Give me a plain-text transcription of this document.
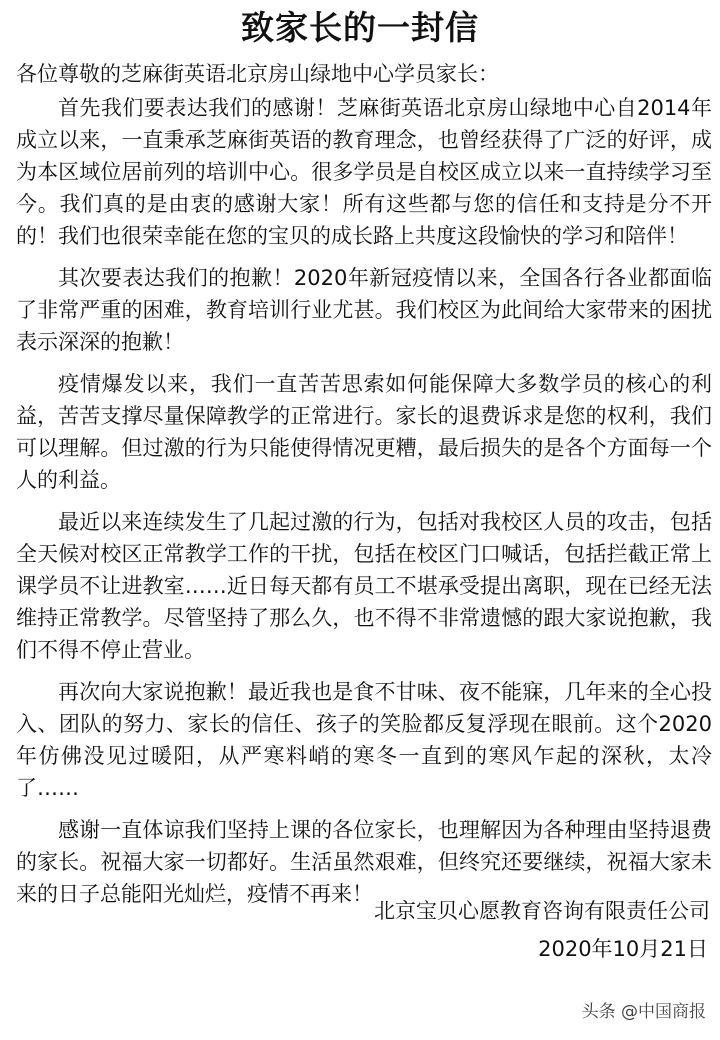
致家长的一封信
各位尊敬的芝麻街英语北京房山绿地中心学员家长：

首先我们要表达我们的感谢！芝麻街英语北京房山绿地中心自2014年成立以来，一直秉承芝麻街英语的教育理念，也曾经获得了广泛的好评，成为本区域位居前列的培训中心。很多学员是自校区成立以来一直持续学习至今。我们真的是由衷的感谢大家！所有这些都与您的信任和支持是分不开的！我们也很荣幸能在您的宝贝的成长路上共度这段愉快的学习和陪伴！

其次要表达我们的抱歉！2020年新冠疫情以来，全国各行各业都面临了非常严重的困难，教育培训行业尤甚。我们校区为此间给大家带来的困扰表示深深的抱歉！

疫情爆发以来，我们一直苦苦思索如何能保障大多数学员的核心的利益，苦苦支撑尽量保障教学的正常进行。家长的退费诉求是您的权利，我们可以理解。但过激的行为只能使得情况更糟，最后损失的是各个方面每一个人的利益。

最近以来连续发生了几起过激的行为，包括对我校区人员的攻击，包括全天候对校区正常教学工作的干扰，包括在校区门口喊话，包括拦截正常上课学员不让进教室……近日每天都有员工不堪承受提出离职，现在已经无法维持正常教学。尽管坚持了那么久，也不得不非常遗憾的跟大家说抱歉，我们不得不停止营业。

再次向大家说抱歉！最近我也是食不甘味、夜不能寐，几年来的全心投入、团队的努力、家长的信任、孩子的笑脸都反复浮现在眼前。这个2020年仿佛没见过暖阳，从严寒料峭的寒冬一直到的寒风乍起的深秋，太冷了……

感谢一直体谅我们坚持上课的各位家长，也理解因为各种理由坚持退费的家长。祝福大家一切都好。生活虽然艰难，但终究还要继续，祝福大家未来的日子总能阳光灿烂，疫情不再来！

北京宝贝心愿教育咨询有限责任公司
2020年10月21日
头条 @中国商报
